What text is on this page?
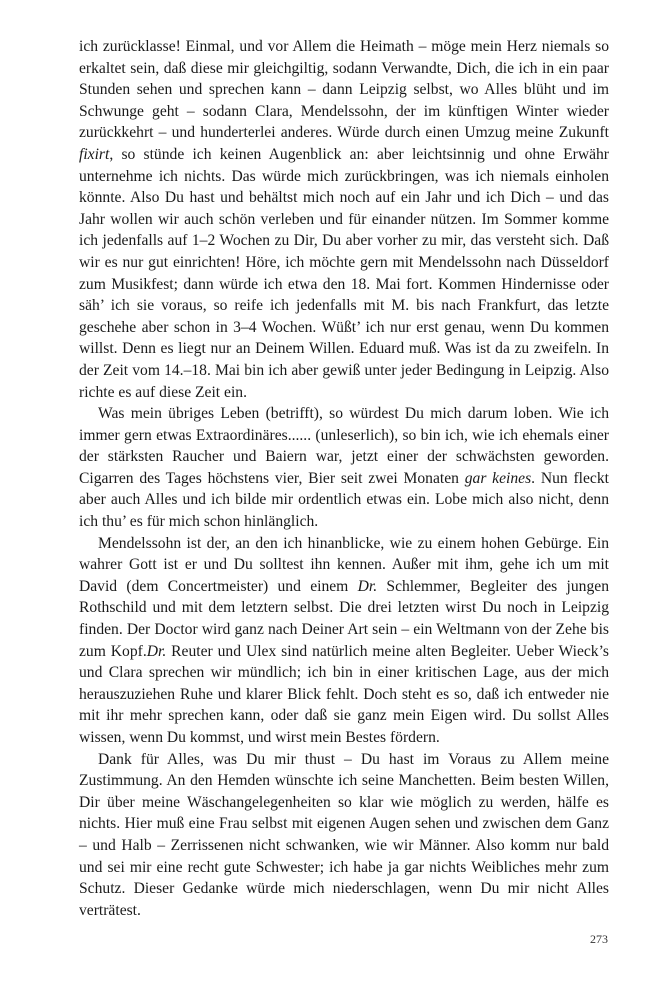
ich zurücklasse! Einmal, und vor Allem die Heimath – möge mein Herz niemals so erkaltet sein, daß diese mir gleichgiltig, sodann Verwandte, Dich, die ich in ein paar Stunden sehen und sprechen kann – dann Leipzig selbst, wo Alles blüht und im Schwunge geht – sodann Clara, Mendelssohn, der im künftigen Winter wieder zurückkehrt – und hunderterlei anderes. Würde durch einen Umzug meine Zukunft fixirt, so stünde ich keinen Augenblick an: aber leichtsinnig und ohne Erwähr unternehme ich nichts. Das würde mich zurückbringen, was ich niemals einholen könnte. Also Du hast und behältst mich noch auf ein Jahr und ich Dich – und das Jahr wollen wir auch schön verleben und für einander nützen. Im Sommer komme ich jedenfalls auf 1–2 Wochen zu Dir, Du aber vorher zu mir, das versteht sich. Daß wir es nur gut einrichten! Höre, ich möchte gern mit Mendelssohn nach Düsseldorf zum Musikfest; dann würde ich etwa den 18. Mai fort. Kommen Hindernisse oder säh’ ich sie voraus, so reife ich jedenfalls mit M. bis nach Frankfurt, das letzte geschehe aber schon in 3–4 Wochen. Wüßt’ ich nur erst genau, wenn Du kommen willst. Denn es liegt nur an Deinem Willen. Eduard muß. Was ist da zu zweifeln. In der Zeit vom 14.–18. Mai bin ich aber gewiß unter jeder Bedingung in Leipzig. Also richte es auf diese Zeit ein.

Was mein übriges Leben (betrifft), so würdest Du mich darum loben. Wie ich immer gern etwas Extraordinäres...... (unleserlich), so bin ich, wie ich ehemals einer der stärksten Raucher und Baiern war, jetzt einer der schwächsten geworden. Cigarren des Tages höchstens vier, Bier seit zwei Monaten gar keines. Nun fleckt aber auch Alles und ich bilde mir ordentlich etwas ein. Lobe mich also nicht, denn ich thu’ es für mich schon hinlänglich.

Mendelssohn ist der, an den ich hinanblicke, wie zu einem hohen Gebürge. Ein wahrer Gott ist er und Du solltest ihn kennen. Außer mit ihm, gehe ich um mit David (dem Concertmeister) und einem Dr. Schlemmer, Begleiter des jungen Rothschild und mit dem letztern selbst. Die drei letzten wirst Du noch in Leipzig finden. Der Doctor wird ganz nach Deiner Art sein – ein Weltmann von der Zehe bis zum Kopf.Dr. Reuter und Ulex sind natürlich meine alten Begleiter. Ueber Wieck’s und Clara sprechen wir mündlich; ich bin in einer kritischen Lage, aus der mich herauszuziehen Ruhe und klarer Blick fehlt. Doch steht es so, daß ich entweder nie mit ihr mehr sprechen kann, oder daß sie ganz mein Eigen wird. Du sollst Alles wissen, wenn Du kommst, und wirst mein Bestes fördern.

Dank für Alles, was Du mir thust – Du hast im Voraus zu Allem meine Zustimmung. An den Hemden wünschte ich seine Manchetten. Beim besten Willen, Dir über meine Wäschangelegenheiten so klar wie möglich zu werden, hälfe es nichts. Hier muß eine Frau selbst mit eigenen Augen sehen und zwischen dem Ganz – und Halb – Zerrissenen nicht schwanken, wie wir Männer. Also komm nur bald und sei mir eine recht gute Schwester; ich habe ja gar nichts Weibliches mehr zum Schutz. Dieser Gedanke würde mich niederschlagen, wenn Du mir nicht Alles verträtest.

273
